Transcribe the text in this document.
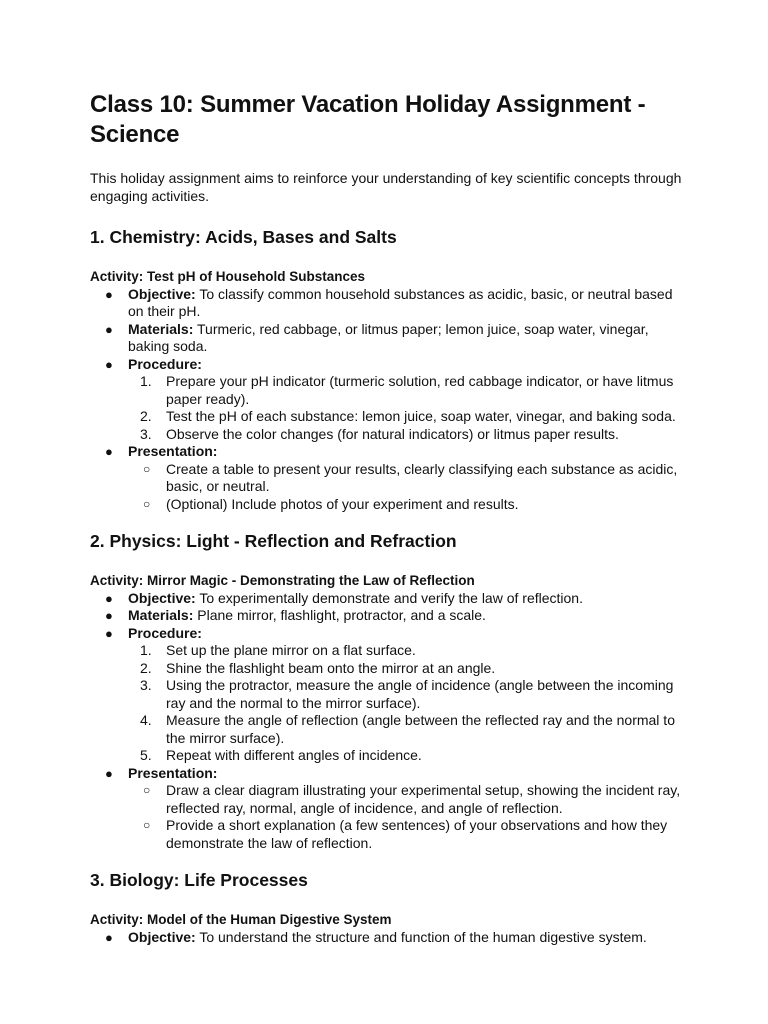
Class 10: Summer Vacation Holiday Assignment - Science

This holiday assignment aims to reinforce your understanding of key scientific concepts through engaging activities.

1. Chemistry: Acids, Bases and Salts

Activity: Test pH of Household Substances

● Objective: To classify common household substances as acidic, basic, or neutral based on their pH.
● Materials: Turmeric, red cabbage, or litmus paper; lemon juice, soap water, vinegar, baking soda.
● Procedure:
1. Prepare your pH indicator (turmeric solution, red cabbage indicator, or have litmus paper ready).
2. Test the pH of each substance: lemon juice, soap water, vinegar, and baking soda.
3. Observe the color changes (for natural indicators) or litmus paper results.
● Presentation:
○ Create a table to present your results, clearly classifying each substance as acidic, basic, or neutral.
○ (Optional) Include photos of your experiment and results.
2. Physics: Light - Reflection and Refraction

Activity: Mirror Magic - Demonstrating the Law of Reflection

● Objective: To experimentally demonstrate and verify the law of reflection.
● Materials: Plane mirror, flashlight, protractor, and a scale.
● Procedure:
1. Set up the plane mirror on a flat surface.
2. Shine the flashlight beam onto the mirror at an angle.
3. Using the protractor, measure the angle of incidence (angle between the incoming ray and the normal to the mirror surface).
4. Measure the angle of reflection (angle between the reflected ray and the normal to the mirror surface).
5. Repeat with different angles of incidence.
● Presentation:
○ Draw a clear diagram illustrating your experimental setup, showing the incident ray, reflected ray, normal, angle of incidence, and angle of reflection.
○ Provide a short explanation (a few sentences) of your observations and how they demonstrate the law of reflection.
3. Biology: Life Processes

Activity: Model of the Human Digestive System

● Objective: To understand the structure and function of the human digestive system.
